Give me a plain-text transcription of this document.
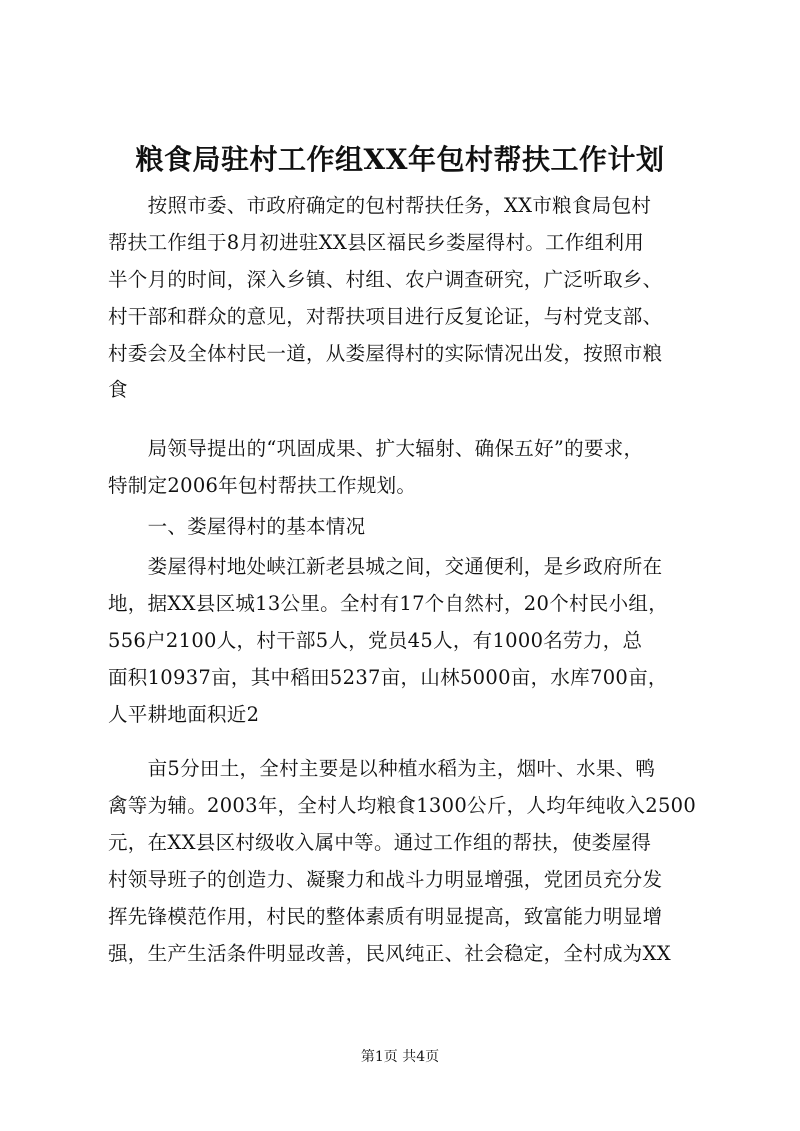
粮食局驻村工作组XX年包村帮扶工作计划
　　按照市委、市政府确定的包村帮扶任务，XX市粮食局包村
帮扶工作组于8月初进驻XX县区福民乡娄屋得村。工作组利用
半个月的时间，深入乡镇、村组、农户调查研究，广泛听取乡、
村干部和群众的意见，对帮扶项目进行反复论证，与村党支部、
村委会及全体村民一道，从娄屋得村的实际情况出发，按照市粮
食
　　局领导提出的“巩固成果、扩大辐射、确保五好”的要求，
特制定2006年包村帮扶工作规划。
　　一、娄屋得村的基本情况
　　娄屋得村地处峡江新老县城之间，交通便利，是乡政府所在
地，据XX县区城13公里。全村有17个自然村，20个村民小组，
556户2100人，村干部5人，党员45人，有1000名劳力，总
面积10937亩，其中稻田5237亩，山林5000亩，水库700亩，
人平耕地面积近2
　　亩5分田土，全村主要是以种植水稻为主，烟叶、水果、鸭
禽等为辅。2003年，全村人均粮食1300公斤，人均年纯收入2500
元，在XX县区村级收入属中等。通过工作组的帮扶，使娄屋得
村领导班子的创造力、凝聚力和战斗力明显增强，党团员充分发
挥先锋模范作用，村民的整体素质有明显提高，致富能力明显增
强，生产生活条件明显改善，民风纯正、社会稳定，全村成为XX
第1页 共4页
